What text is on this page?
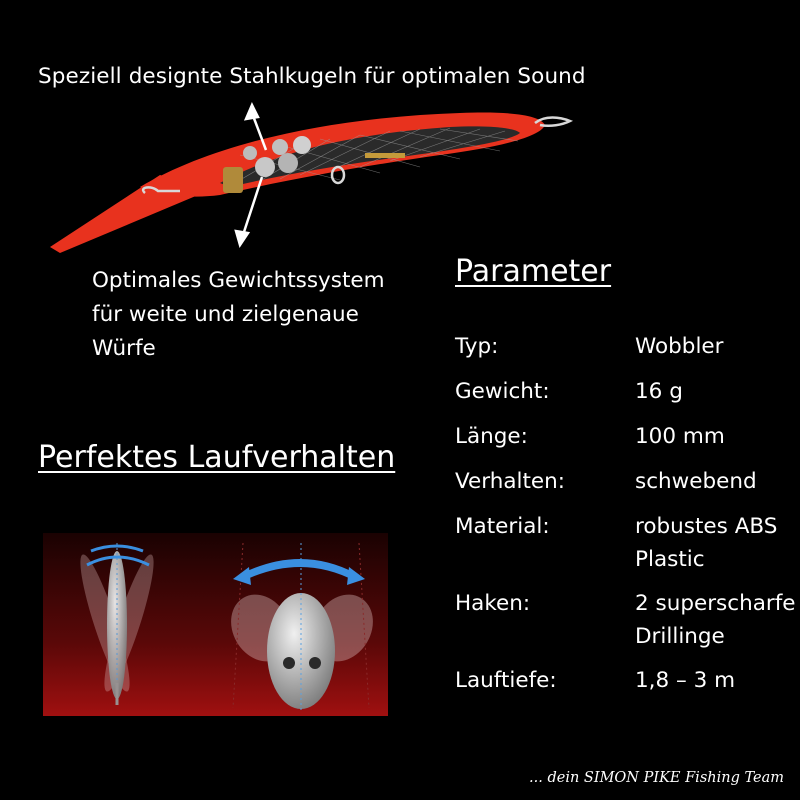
Speziell designte Stahlkugeln für optimalen Sound
Optimales Gewichtssystem
für weite und zielgenaue
Würfe
Parameter
Typ:	Wobbler
Gewicht:	16 g
Länge:	100 mm
Verhalten:	schwebend
Material:	robustes ABS
Plastic
Haken:	2 superscharfe
Drillinge
Lauftiefe:	1,8 – 3 m
Perfektes Laufverhalten
... dein SIMON PIKE Fishing Team
